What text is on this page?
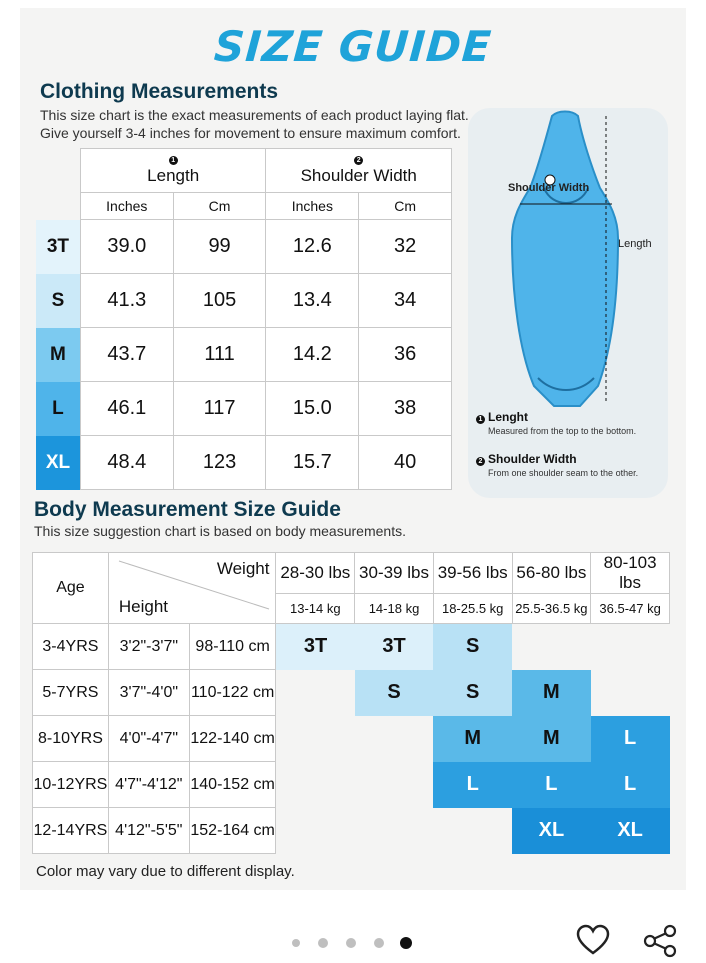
SIZE GUIDE
Clothing Measurements
This size chart is the exact measurements of each product laying flat.
Give yourself 3-4 inches for movement to ensure maximum comfort.

	1
Length		2
Shoulder Width	
	Inches	Cm	Inches	Cm
3T	39.0	99	12.6	32
S	41.3	105	13.4	34
M	43.7	111	14.2	36
L	46.1	117	15.0	38
XL	48.4	123	15.7	40
Shoulder Width
Length
1 Lenght
Measured from the top to the bottom.
2 Shoulder Width
From one shoulder seam to the other.
Body Measurement Size Guide
This size suggestion chart is based on body measurements.
Age	Weight
Height		28-30 lbs	30-39 lbs	39-56 lbs	56-80 lbs	80-103 lbs
			13-14 kg	14-18 kg	18-25.5 kg	25.5-36.5 kg	36.5-47 kg
3-4YRS	3'2"-3'7"	98-110 cm	3T	3T	S		
5-7YRS	3'7"-4'0"	110-122 cm		S	S	M	
8-10YRS	4'0"-4'7"	122-140 cm			M	M	L
10-12YRS	4'7"-4'12"	140-152 cm			L	L	L
12-14YRS	4'12"-5'5"	152-164 cm				XL	XL
Color may vary due to different display.
